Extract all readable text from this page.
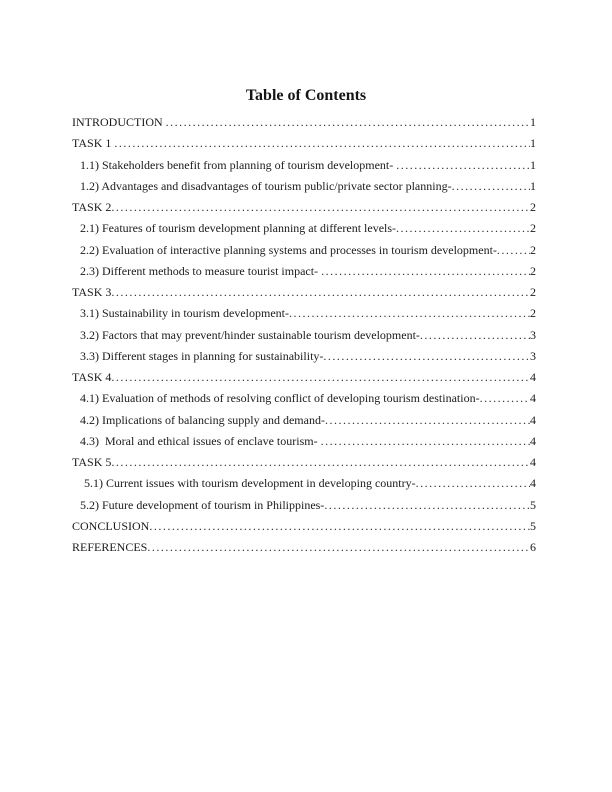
Table of Contents
INTRODUCTION .....	1
TASK 1 .....	1
1.1) Stakeholders benefit from planning of tourism development- .....	1
1.2) Advantages and disadvantages of tourism public/private sector planning- .....	1
TASK 2 .....	2
2.1) Features of tourism development planning at different levels- .....	2
2.2) Evaluation of interactive planning systems and processes in tourism development- .....	2
2.3) Different methods to measure tourist impact- .....	2
TASK 3 .....	2
3.1) Sustainability in tourism development- .....	2
3.2) Factors that may prevent/hinder sustainable tourism development- .....	3
3.3) Different stages in planning for sustainability- .....	3
TASK 4 .....	4
4.1) Evaluation of methods of resolving conflict of developing tourism destination- .....	4
4.2) Implications of balancing supply and demand- .....	4
4.3)  Moral and ethical issues of enclave tourism- .....	4
TASK 5 .....	4
5.1) Current issues with tourism development in developing country- .....	4
5.2) Future development of tourism in Philippines- .....	5
CONCLUSION .....	5
REFERENCES .....	6
